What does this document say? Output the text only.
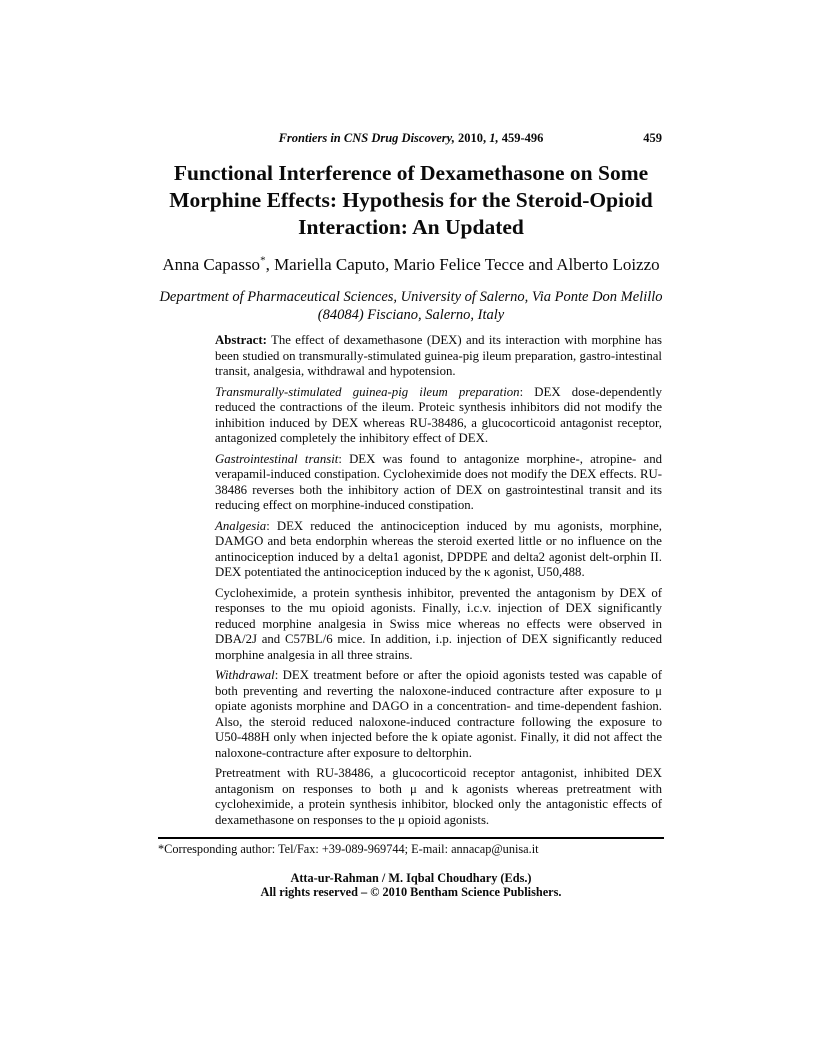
Frontiers in CNS Drug Discovery, 2010, 1, 459-496	459
Functional Interference of Dexamethasone on Some
Morphine Effects: Hypothesis for the Steroid-Opioid
Interaction: An Updated
Anna Capasso*, Mariella Caputo, Mario Felice Tecce and Alberto Loizzo
Department of Pharmaceutical Sciences, University of Salerno, Via Ponte Don Melillo
(84084) Fisciano, Salerno, Italy

Abstract: The effect of dexamethasone (DEX) and its interaction with morphine has been studied on transmurally-stimulated guinea-pig ileum preparation, gastro-intestinal transit, analgesia, withdrawal and hypotension.

Transmurally-stimulated guinea-pig ileum preparation: DEX dose-dependently reduced the contractions of the ileum. Proteic synthesis inhibitors did not modify the inhibition induced by DEX whereas RU-38486, a glucocorticoid antagonist receptor, antagonized completely the inhibitory effect of DEX.

Gastrointestinal transit: DEX was found to antagonize morphine-, atropine- and verapamil-induced constipation. Cycloheximide does not modify the DEX effects. RU-38486 reverses both the inhibitory action of DEX on gastrointestinal transit and its reducing effect on morphine-induced constipation.

Analgesia: DEX reduced the antinociception induced by mu agonists, morphine, DAMGO and beta endorphin whereas the steroid exerted little or no influence on the antinociception induced by a delta1 agonist, DPDPE and delta2 agonist delt-orphin II. DEX potentiated the antinociception induced by the κ agonist, U50,488.

Cycloheximide, a protein synthesis inhibitor, prevented the antagonism by DEX of responses to the mu opioid agonists. Finally, i.c.v. injection of DEX significantly reduced morphine analgesia in Swiss mice whereas no effects were observed in DBA/2J and C57BL/6 mice. In addition, i.p. injection of DEX significantly reduced morphine analgesia in all three strains.

Withdrawal: DEX treatment before or after the opioid agonists tested was capable of both preventing and reverting the naloxone-induced contracture after exposure to μ opiate agonists morphine and DAGO in a concentration- and time-dependent fashion. Also, the steroid reduced naloxone-induced contracture following the exposure to U50-488H only when injected before the k opiate agonist. Finally, it did not affect the naloxone-contracture after exposure to deltorphin.

Pretreatment with RU-38486, a glucocorticoid receptor antagonist, inhibited DEX antagonism on responses to both μ and k agonists whereas pretreatment with cycloheximide, a protein synthesis inhibitor, blocked only the antagonistic effects of dexamethasone on responses to the μ opioid agonists.

*Corresponding author: Tel/Fax: +39-089-969744; E-mail: annacap@unisa.it
Atta-ur-Rahman / M. Iqbal Choudhary (Eds.)
All rights reserved – © 2010 Bentham Science Publishers.
